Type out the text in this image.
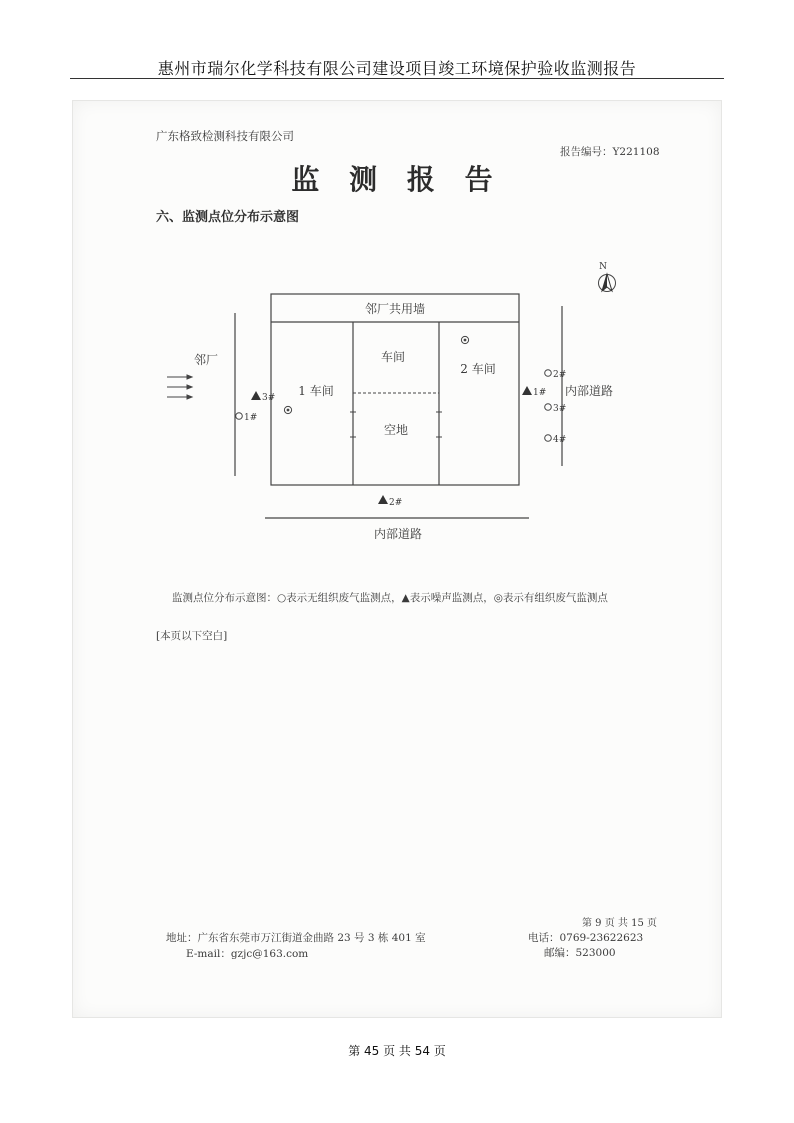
惠州市瑞尔化学科技有限公司建设项目竣工环境保护验收监测报告
广东格致检测科技有限公司
报告编号：Y221108
监 测 报 告
六、监测点位分布示意图
N
邻厂共用墙
车间
1 车间
2 车间
空地
邻厂
3#
1#
内部道路
1#
2#
3#
4#
2#
内部道路
监测点位分布示意图：○表示无组织废气监测点，▲表示噪声监测点，◎表示有组织废气监测点
[本页以下空白]
第 9 页 共 15 页
地址：广东省东莞市万江街道金曲路 23 号 3 栋 401 室	电话：0769-23622623
E-mail：gzjc@163.com	邮编：523000
第 45 页 共 54 页
